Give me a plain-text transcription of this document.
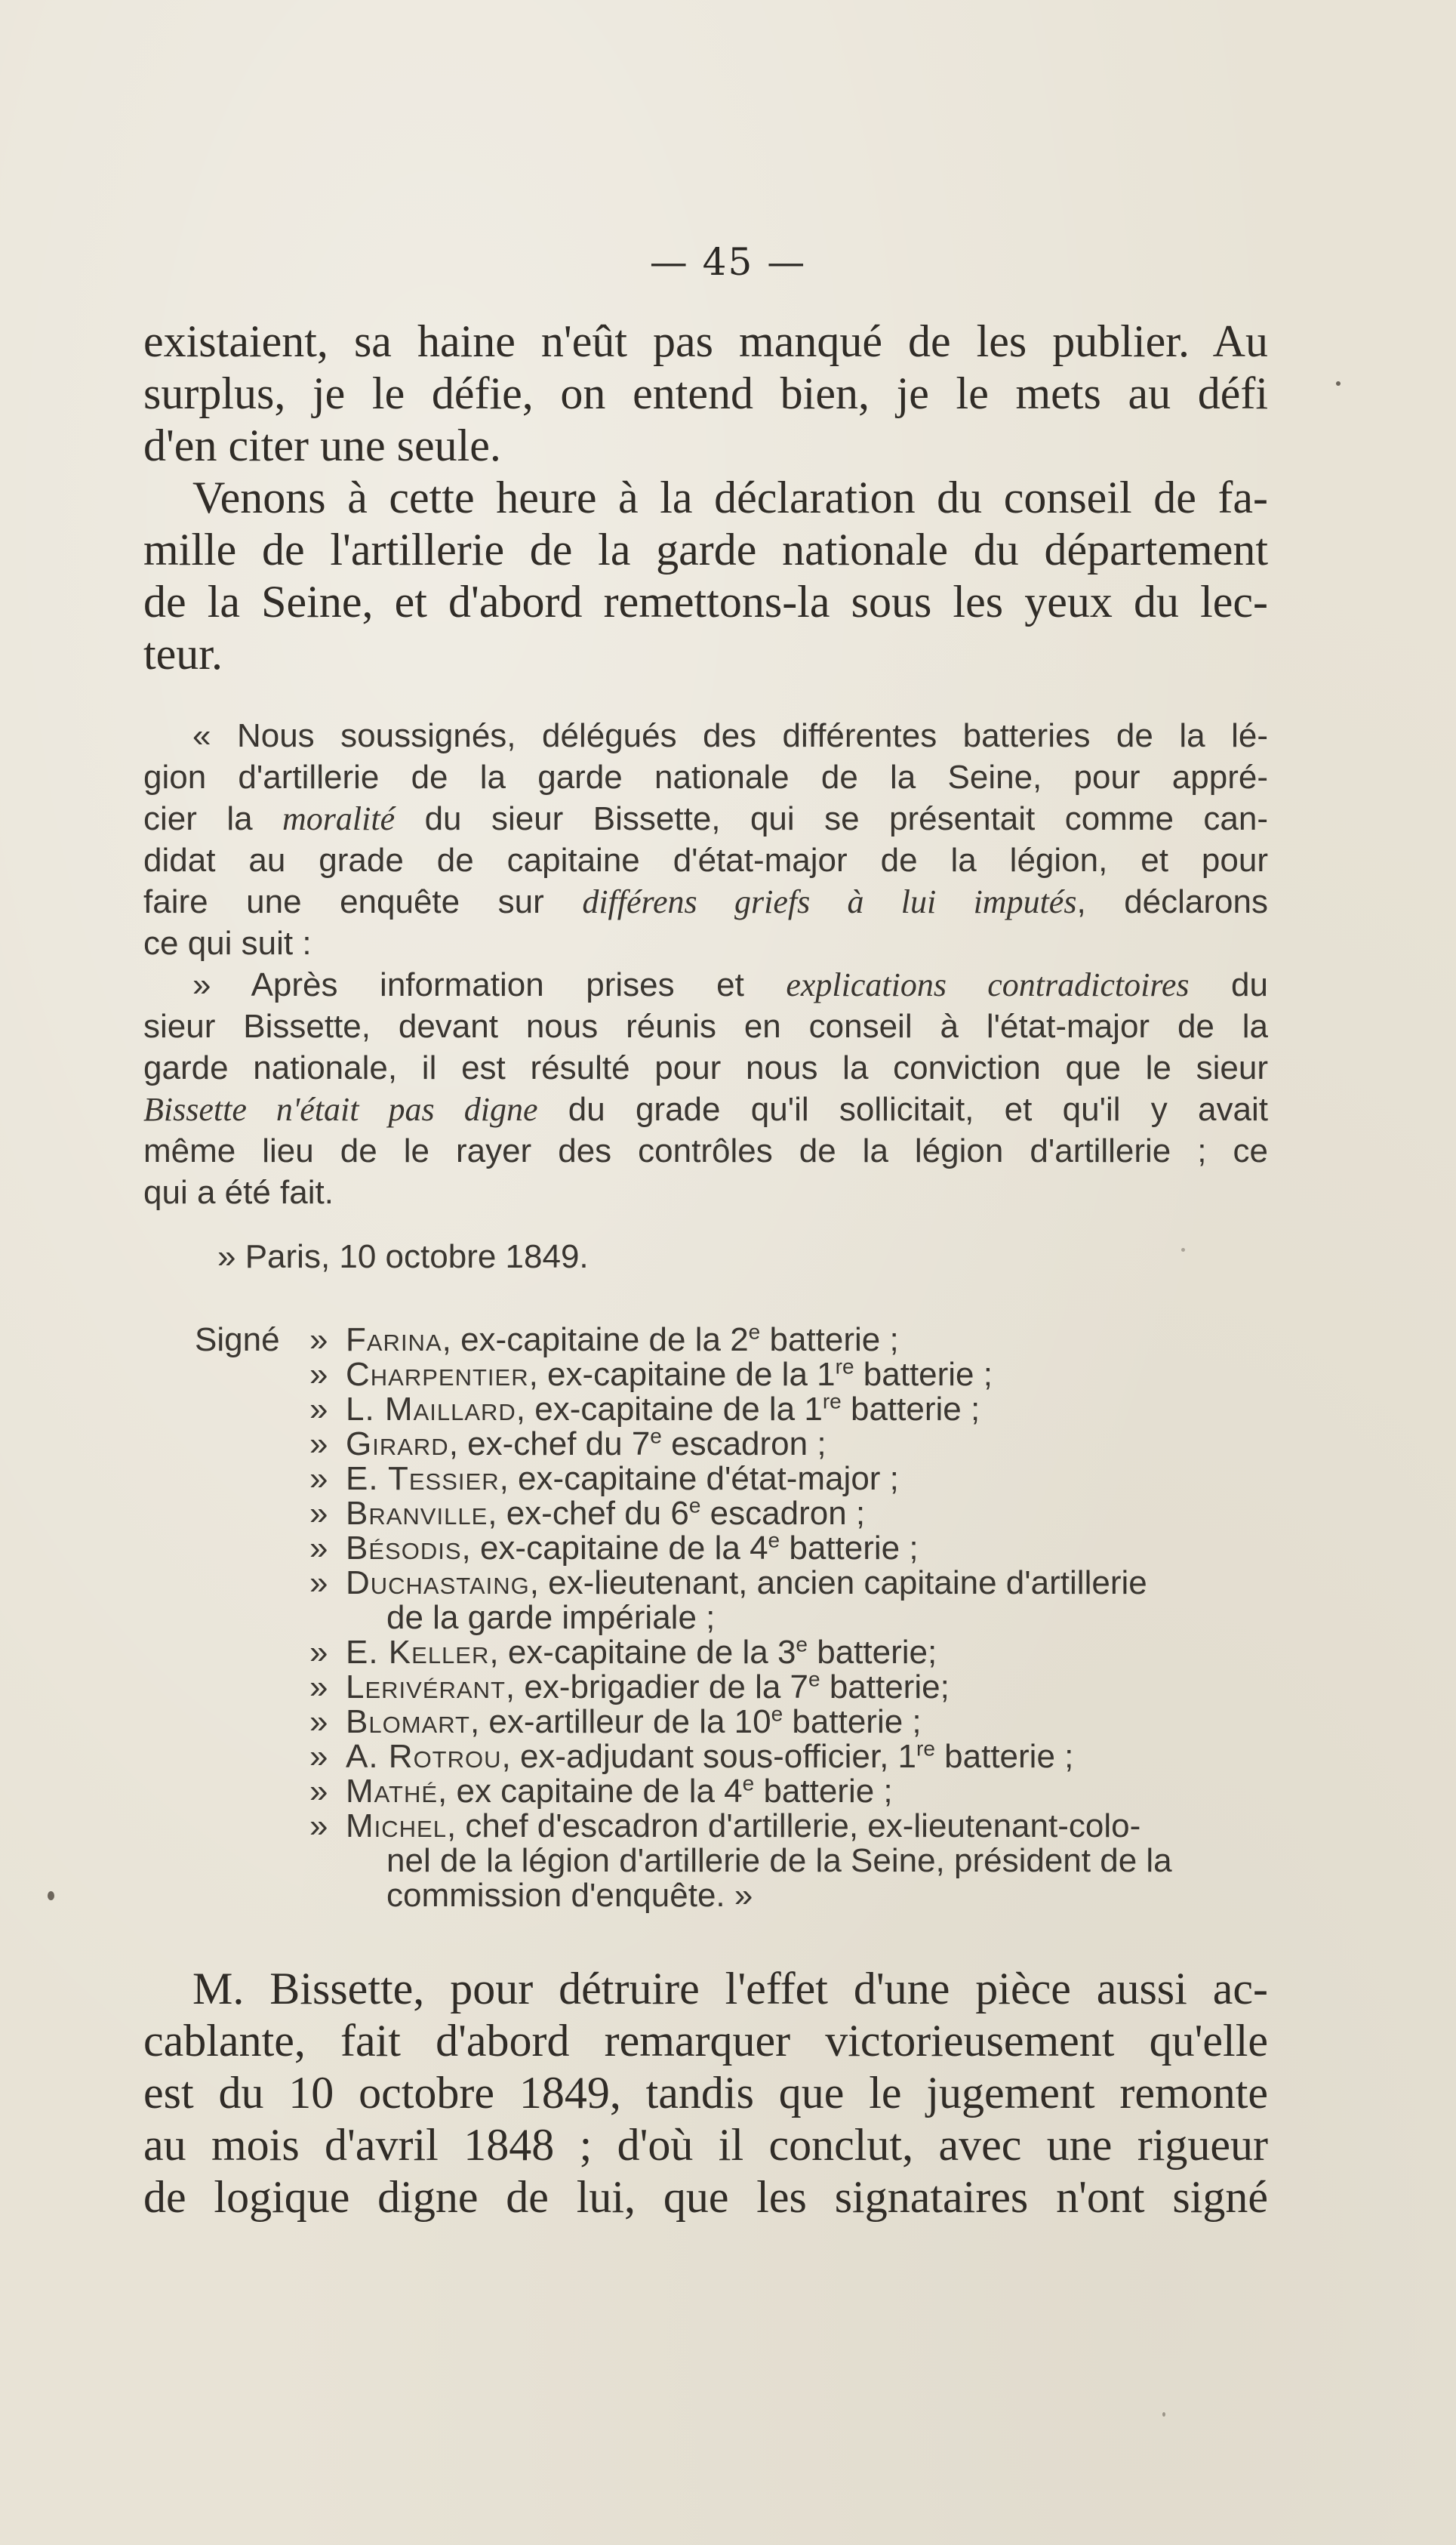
— 45 —
existaient, sa haine n'eût pas manqué de les publier. Au
surplus, je le défie, on entend bien, je le mets au défi
d'en citer une seule.
Venons à cette heure à la déclaration du conseil de fa-
mille de l'artillerie de la garde nationale du département
de la Seine, et d'abord remettons-la sous les yeux du lec-
teur.
« Nous soussignés, délégués des différentes batteries de la lé-
gion d'artillerie de la garde nationale de la Seine, pour appré-
cier la moralité du sieur Bissette, qui se présentait comme can-
didat au grade de capitaine d'état-major de la légion, et pour
faire une enquête sur différens griefs à lui imputés, déclarons
ce qui suit :
» Après information prises et explications contradictoires du
sieur Bissette, devant nous réunis en conseil à l'état-major de la
garde nationale, il est résulté pour nous la conviction que le sieur
Bissette n'était pas digne du grade qu'il sollicitait, et qu'il y avait
même lieu de le rayer des contrôles de la légion d'artillerie ; ce
qui a été fait.
» Paris, 10 octobre 1849.
Signé » Farina, ex-capitaine de la 2e batterie ;
» Charpentier, ex-capitaine de la 1re batterie ;
» L. Maillard, ex-capitaine de la 1re batterie ;
» Girard, ex-chef du 7e escadron ;
» E. Tessier, ex-capitaine d'état-major ;
» Branville, ex-chef du 6e escadron ;
» Bésodis, ex-capitaine de la 4e batterie ;
» Duchastaing, ex-lieutenant, ancien capitaine d'artillerie
de la garde impériale ;
» E. Keller, ex-capitaine de la 3e batterie;
» Lerivérant, ex-brigadier de la 7e batterie;
» Blomart, ex-artilleur de la 10e batterie ;
» A. Rotrou, ex-adjudant sous-officier, 1re batterie ;
» Mathé, ex capitaine de la 4e batterie ;
» Michel, chef d'escadron d'artillerie, ex-lieutenant-colo-
nel de la légion d'artillerie de la Seine, président de la
commission d'enquête. »
M. Bissette, pour détruire l'effet d'une pièce aussi ac-
cablante, fait d'abord remarquer victorieusement qu'elle
est du 10 octobre 1849, tandis que le jugement remonte
au mois d'avril 1848 ; d'où il conclut, avec une rigueur
de logique digne de lui, que les signataires n'ont signé
